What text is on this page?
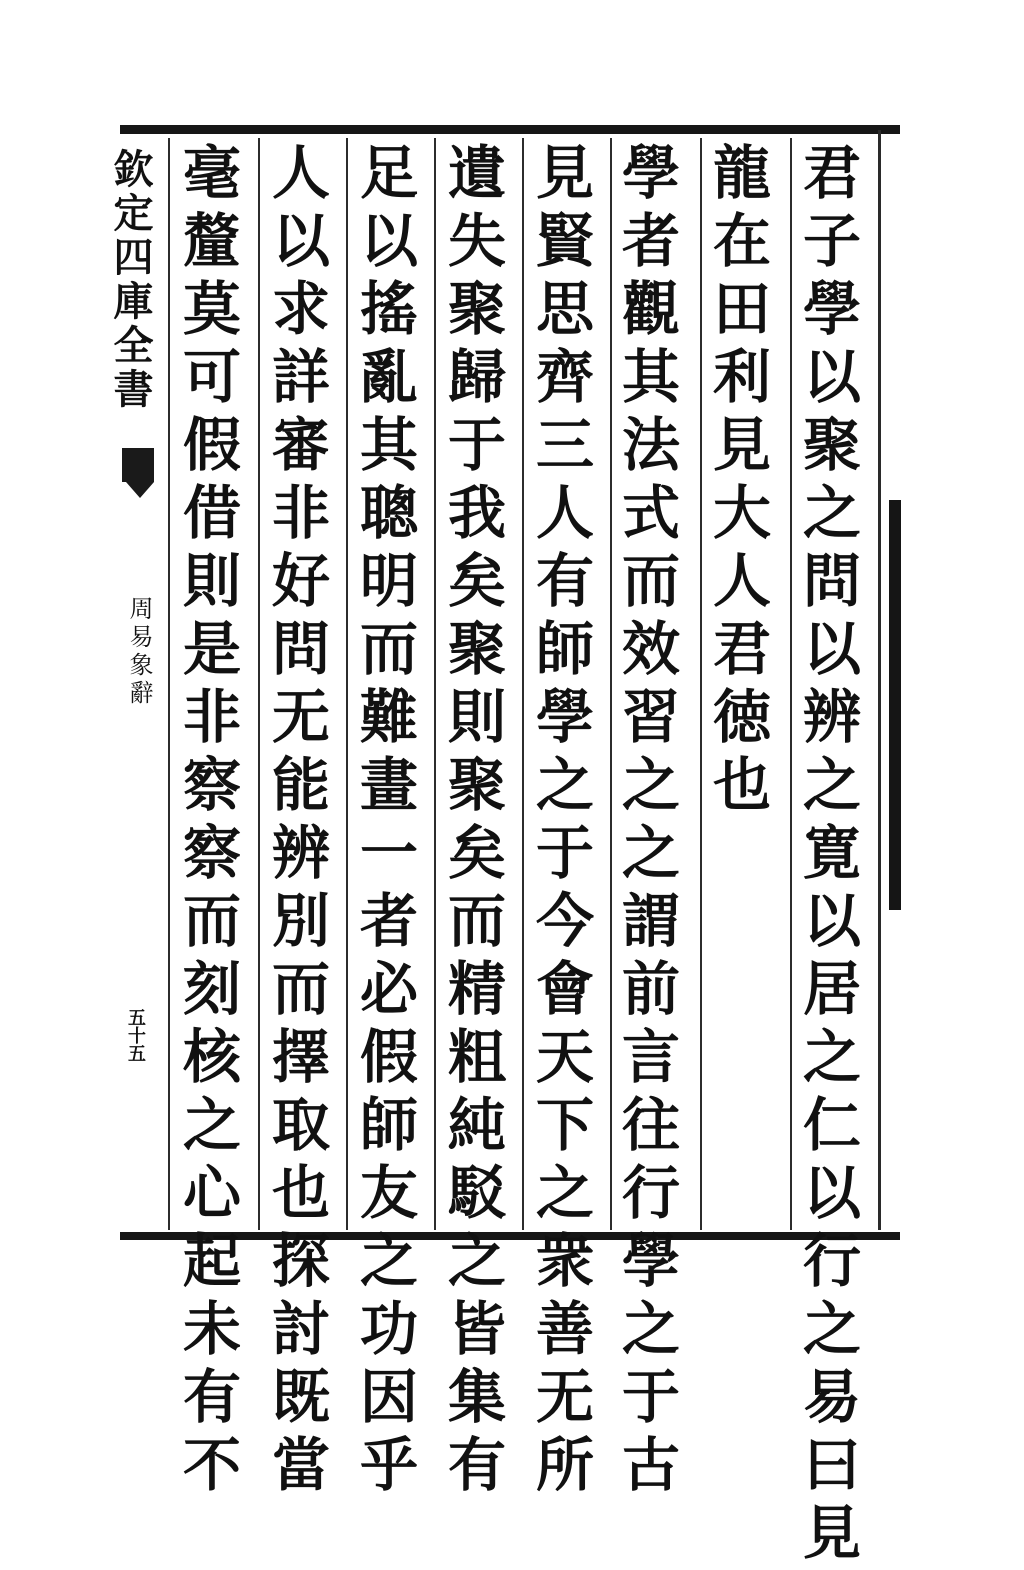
欽定四庫全書
周易象辭
五十五	君子學以聚之問以辨之寛以居之仁以行之易曰見
龍在田利見大人君徳也
學者觀其法式而效習之之謂前言往行學之于古
見賢思齊三人有師學之于今會天下之衆善无所
遺失聚歸于我矣聚則聚矣而精粗純駁之皆集有
足以搖亂其聰明而難畫一者必假師友之功因乎
人以求詳審非好問无能辨別而擇取也探討既當
毫釐莫可假借則是非察察而刻核之心起未有不
